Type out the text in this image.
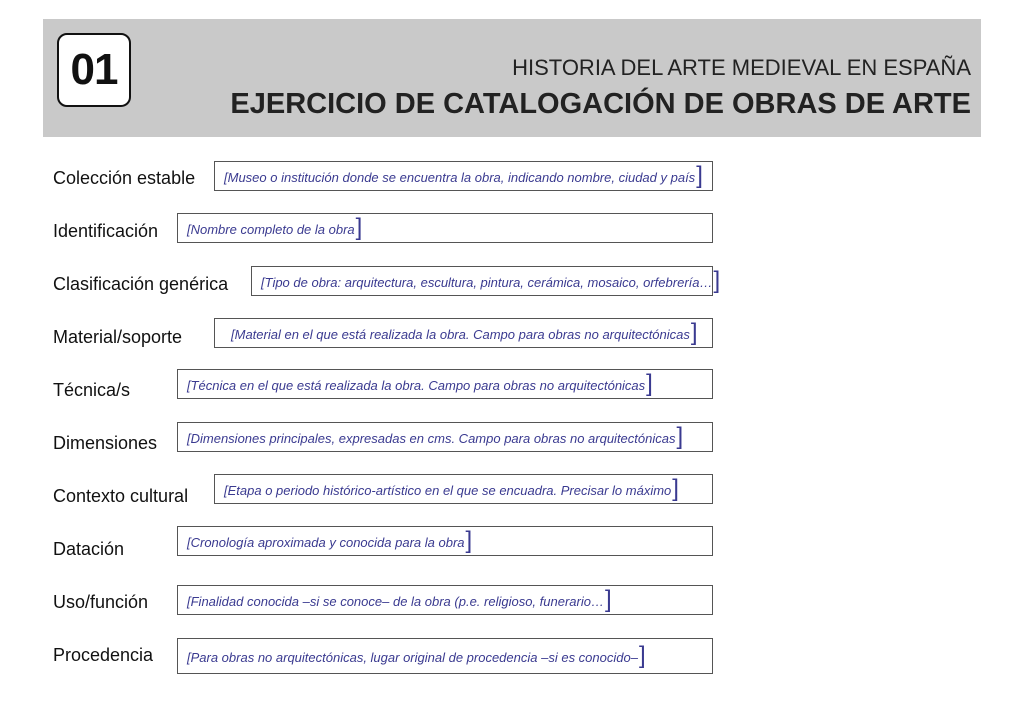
01	HISTORIA DEL ARTE MEDIEVAL EN ESPAÑA
EJERCICIO DE CATALOGACIÓN DE OBRAS DE ARTE
Colección estable [Museo o institución donde se encuentra la obra, indicando nombre, ciudad y país ]
Identificación [Nombre completo de la obra ]
Clasificación genérica	[Tipo de obra: arquitectura, escultura, pintura, cerámica, mosaico, orfebrería… ]
Material/soporte	[Material en el que está realizada la obra. Campo para obras no arquitectónicas ]
Técnica/s	[Técnica en el que está realizada la obra. Campo para obras no arquitectónicas ]
Dimensiones [Dimensiones principales, expresadas en cms. Campo para obras no arquitectónicas ]
Contexto cultural	[Etapa o periodo histórico-artístico en el que se encuadra. Precisar lo máximo ]
Datación	[Cronología aproximada y conocida para la obra ]
Uso/función	[Finalidad conocida –si se conoce– de la obra (p.e. religioso, funerario… ]
Procedencia	[Para obras no arquitectónicas, lugar original de procedencia –si es conocido– ]
